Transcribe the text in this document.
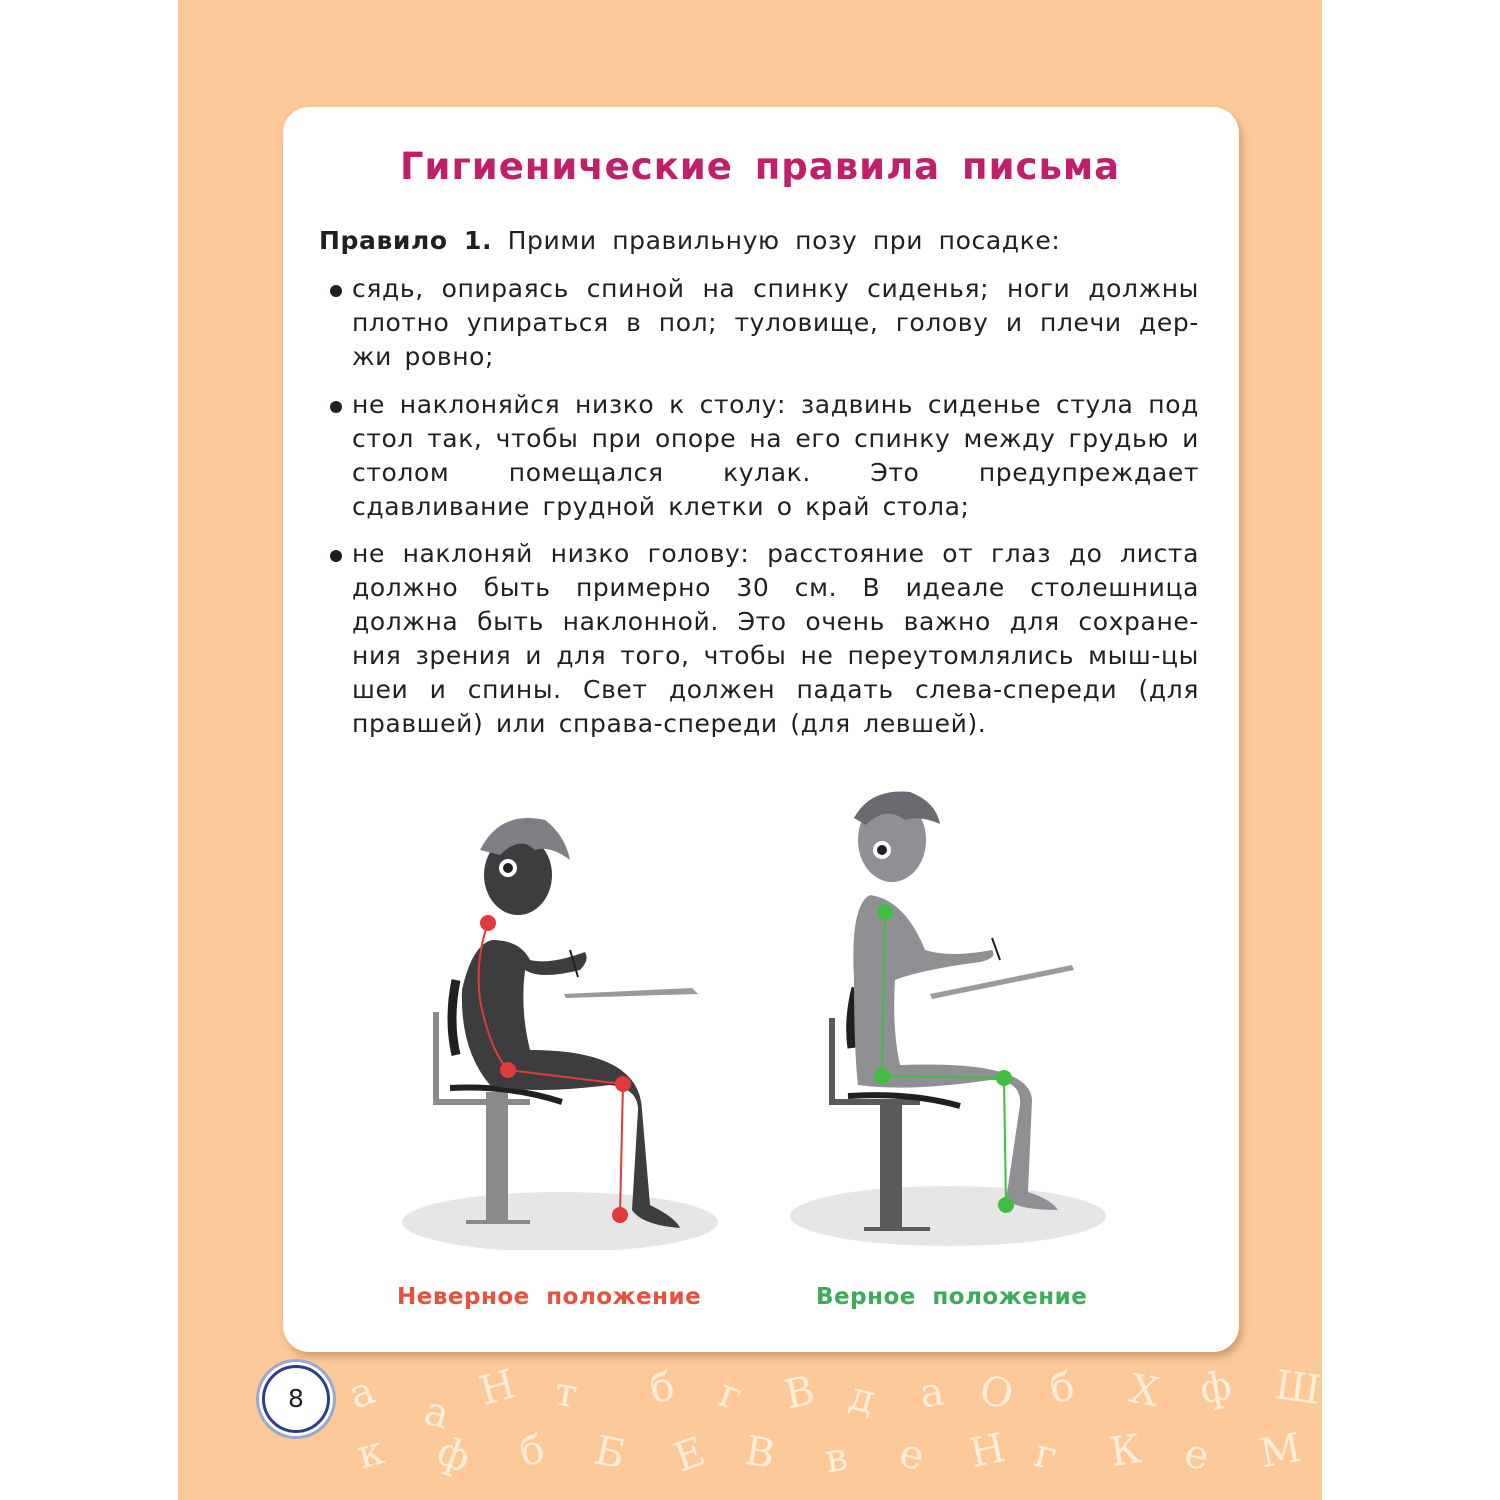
Гигиенические правила письма
Правило 1. Прими правильную позу при посадке:
сядь, опираясь спиной на спинку сиденья; ноги должны плотно упираться в пол; туловище, голову и плечи дер-жи ровно;
не наклоняйся низко к столу: задвинь сиденье стула под стол так, чтобы при опоре на его спинку между грудью и столом помещался кулак. Это предупреждает сдавливание грудной клетки о край стола;
не наклоняй низко голову: расстояние от глаз до листа должно быть примерно 30 см. В идеале столешница должна быть наклонной. Это очень важно для сохране-ния зрения и для того, чтобы не переутомлялись мыш-цы шеи и спины. Свет должен падать слева-спереди (для правшей) или справа-спереди (для левшей).
Неверное положение	Верное положение
8 а а Н т б г В д а О б Х ф Ш
к ф б Б Е В в е Н г К е М
